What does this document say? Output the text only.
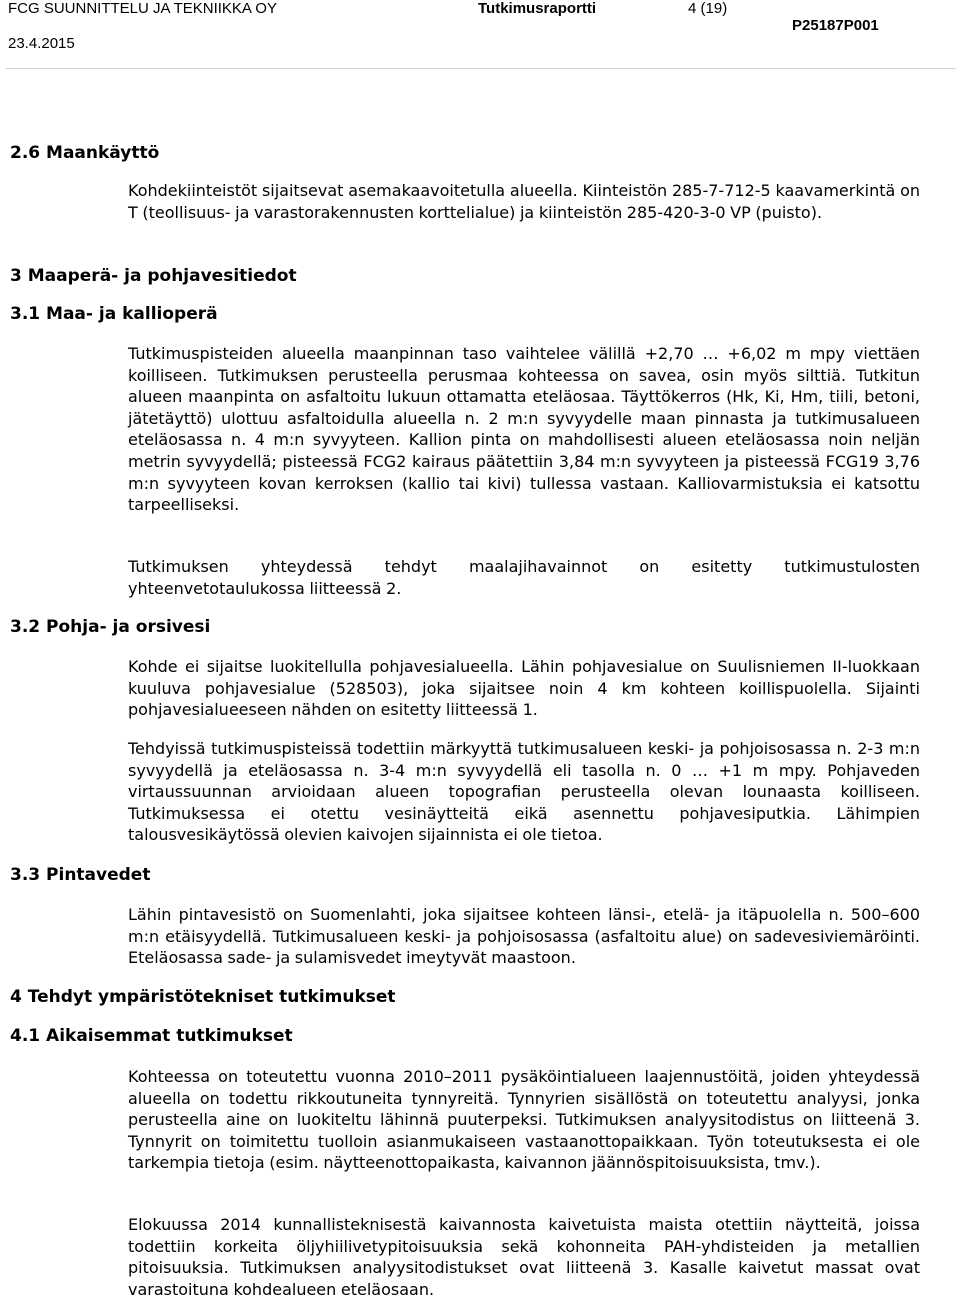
FCG SUUNNITTELU JA TEKNIIKKA OY
23.4.2015
Tutkimusraportti	4 (19)
P25187P001
2.6 Maankäyttö
Kohdekiinteistöt sijaitsevat asemakaavoitetulla alueella. Kiinteistön 285-7-712-5 kaavamerkintä on T (teollisuus- ja varastorakennusten korttelialue) ja kiinteistön 285-420-3-0 VP (puisto).
3 Maaperä- ja pohjavesitiedot
3.1 Maa- ja kallioperä
Tutkimuspisteiden alueella maanpinnan taso vaihtelee välillä +2,70 … +6,02 m mpy viettäen koilliseen. Tutkimuksen perusteella perusmaa kohteessa on savea, osin myös silttiä. Tutkitun alueen maanpinta on asfaltoitu lukuun ottamatta eteläosaa. Täyttökerros (Hk, Ki, Hm, tiili, betoni, jätetäyttö) ulottuu asfaltoidulla alueella n. 2 m:n syvyydelle maan pinnasta ja tutkimusalueen eteläosassa n. 4 m:n syvyyteen. Kallion pinta on mahdollisesti alueen eteläosassa noin neljän metrin syvyydellä; pisteessä FCG2 kairaus päätettiin 3,84 m:n syvyyteen ja pisteessä FCG19 3,76 m:n syvyyteen kovan kerroksen (kallio tai kivi) tullessa vastaan. Kalliovarmistuksia ei katsottu tarpeelliseksi.
Tutkimuksen yhteydessä tehdyt maalajihavainnot on esitetty tutkimustulosten yhteenvetotaulukossa liitteessä 2.
3.2 Pohja- ja orsivesi
Kohde ei sijaitse luokitellulla pohjavesialueella. Lähin pohjavesialue on Suulisniemen II-luokkaan kuuluva pohjavesialue (528503), joka sijaitsee noin 4 km kohteen koillispuolella. Sijainti pohjavesialueeseen nähden on esitetty liitteessä 1.
Tehdyissä tutkimuspisteissä todettiin märkyyttä tutkimusalueen keski- ja pohjoisosassa n. 2-3 m:n syvyydellä ja eteläosassa n. 3-4 m:n syvyydellä eli tasolla n. 0 … +1 m mpy. Pohjaveden virtaussuunnan arvioidaan alueen topografian perusteella olevan lounaasta koilliseen. Tutkimuksessa ei otettu vesinäytteitä eikä asennettu pohjavesiputkia. Lähimpien talousvesikäytössä olevien kaivojen sijainnista ei ole tietoa.
3.3 Pintavedet
Lähin pintavesistö on Suomenlahti, joka sijaitsee kohteen länsi-, etelä- ja itäpuolella n. 500–600 m:n etäisyydellä. Tutkimusalueen keski- ja pohjoisosassa (asfaltoitu alue) on sadevesiviemäröinti. Eteläosassa sade- ja sulamisvedet imeytyvät maastoon.
4 Tehdyt ympäristötekniset tutkimukset
4.1 Aikaisemmat tutkimukset
Kohteessa on toteutettu vuonna 2010–2011 pysäköintialueen laajennustöitä, joiden yhteydessä alueella on todettu rikkoutuneita tynnyreitä. Tynnyrien sisällöstä on toteutettu analyysi, jonka perusteella aine on luokiteltu lähinnä puuterpeksi. Tutkimuksen analyysitodistus on liitteenä 3. Tynnyrit on toimitettu tuolloin asianmukaiseen vastaanottopaikkaan. Työn toteutuksesta ei ole tarkempia tietoja (esim. näytteenottopaikasta, kaivannon jäännöspitoisuuksista, tmv.).
Elokuussa 2014 kunnallisteknisestä kaivannosta kaivetuista maista otettiin näytteitä, joissa todettiin korkeita öljyhiilivetypitoisuuksia sekä kohonneita PAH-yhdisteiden ja metallien pitoisuuksia. Tutkimuksen analyysitodistukset ovat liitteenä 3. Kasalle kaivetut massat ovat varastoituna kohdealueen eteläosaan.
